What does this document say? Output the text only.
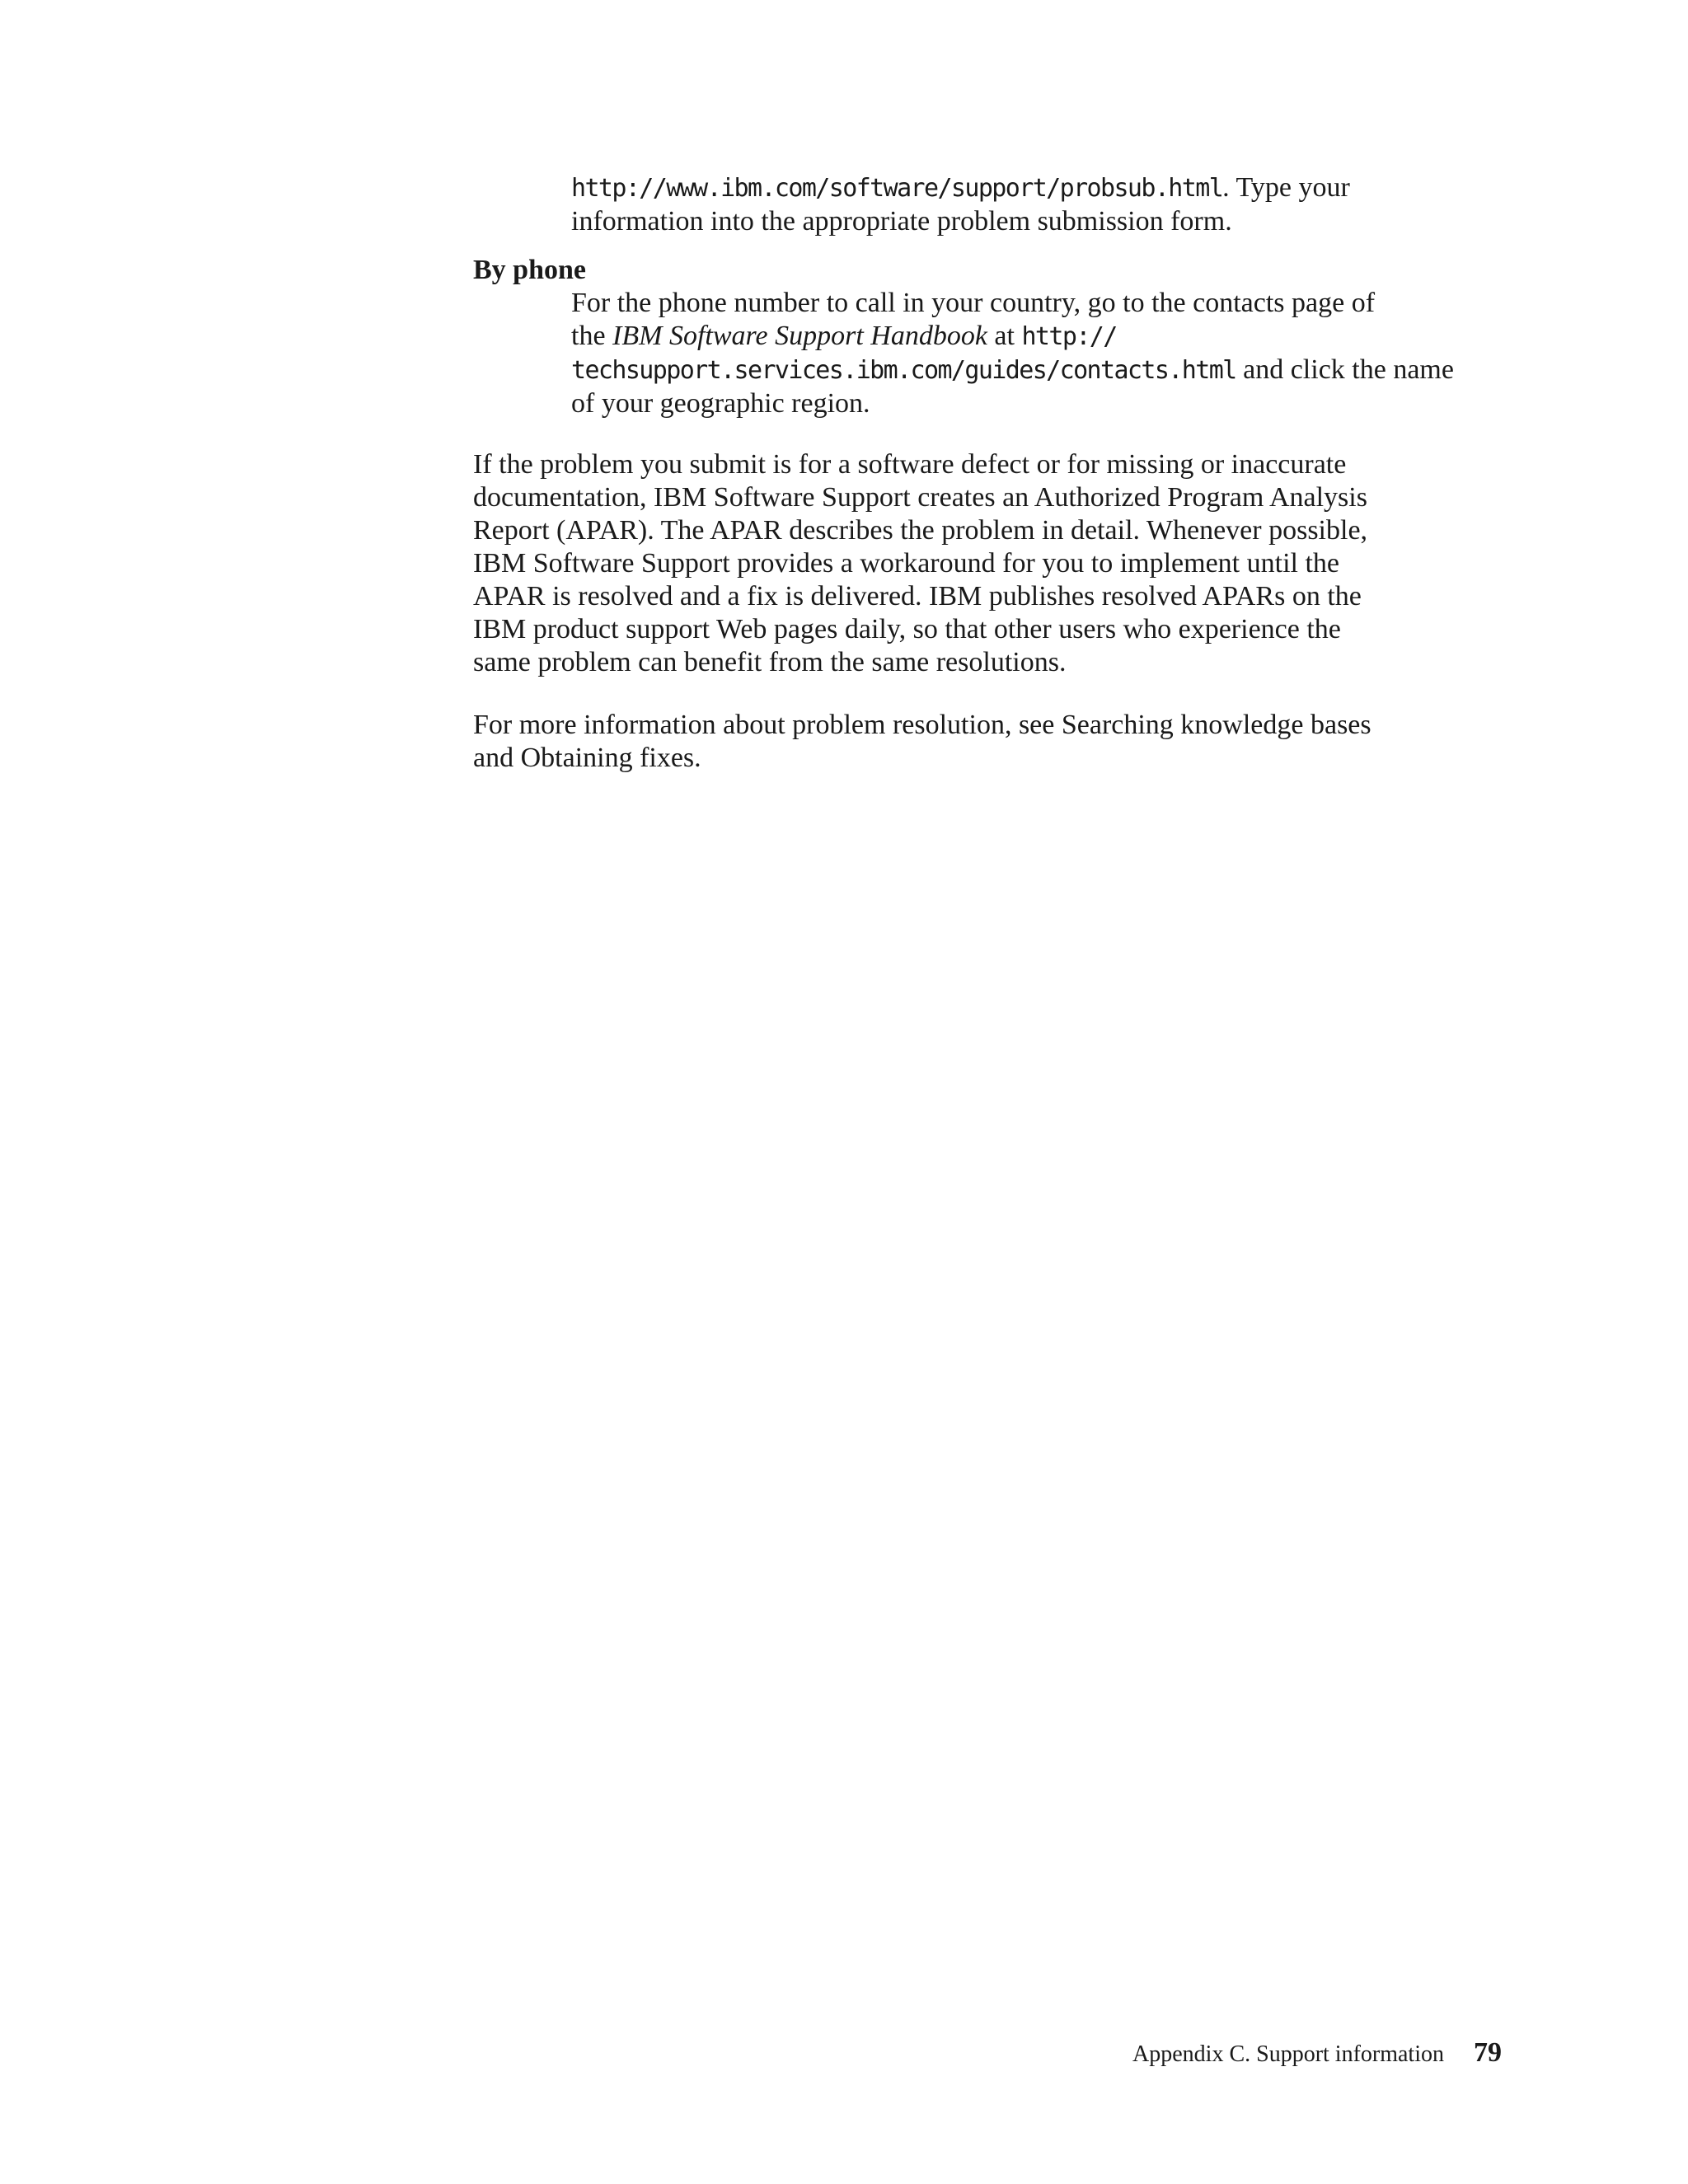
http://www.ibm.com/software/support/probsub.html. Type your

information into the appropriate problem submission form.

By phone

For the phone number to call in your country, go to the contacts page of

the IBM Software Support Handbook at http://

techsupport.services.ibm.com/guides/contacts.html and click the name

of your geographic region.

If the problem you submit is for a software defect or for missing or inaccurate

documentation, IBM Software Support creates an Authorized Program Analysis

Report (APAR). The APAR describes the problem in detail. Whenever possible,

IBM Software Support provides a workaround for you to implement until the

APAR is resolved and a fix is delivered. IBM publishes resolved APARs on the

IBM product support Web pages daily, so that other users who experience the

same problem can benefit from the same resolutions.

For more information about problem resolution, see Searching knowledge bases

and Obtaining fixes.

Appendix C. Support information 79
